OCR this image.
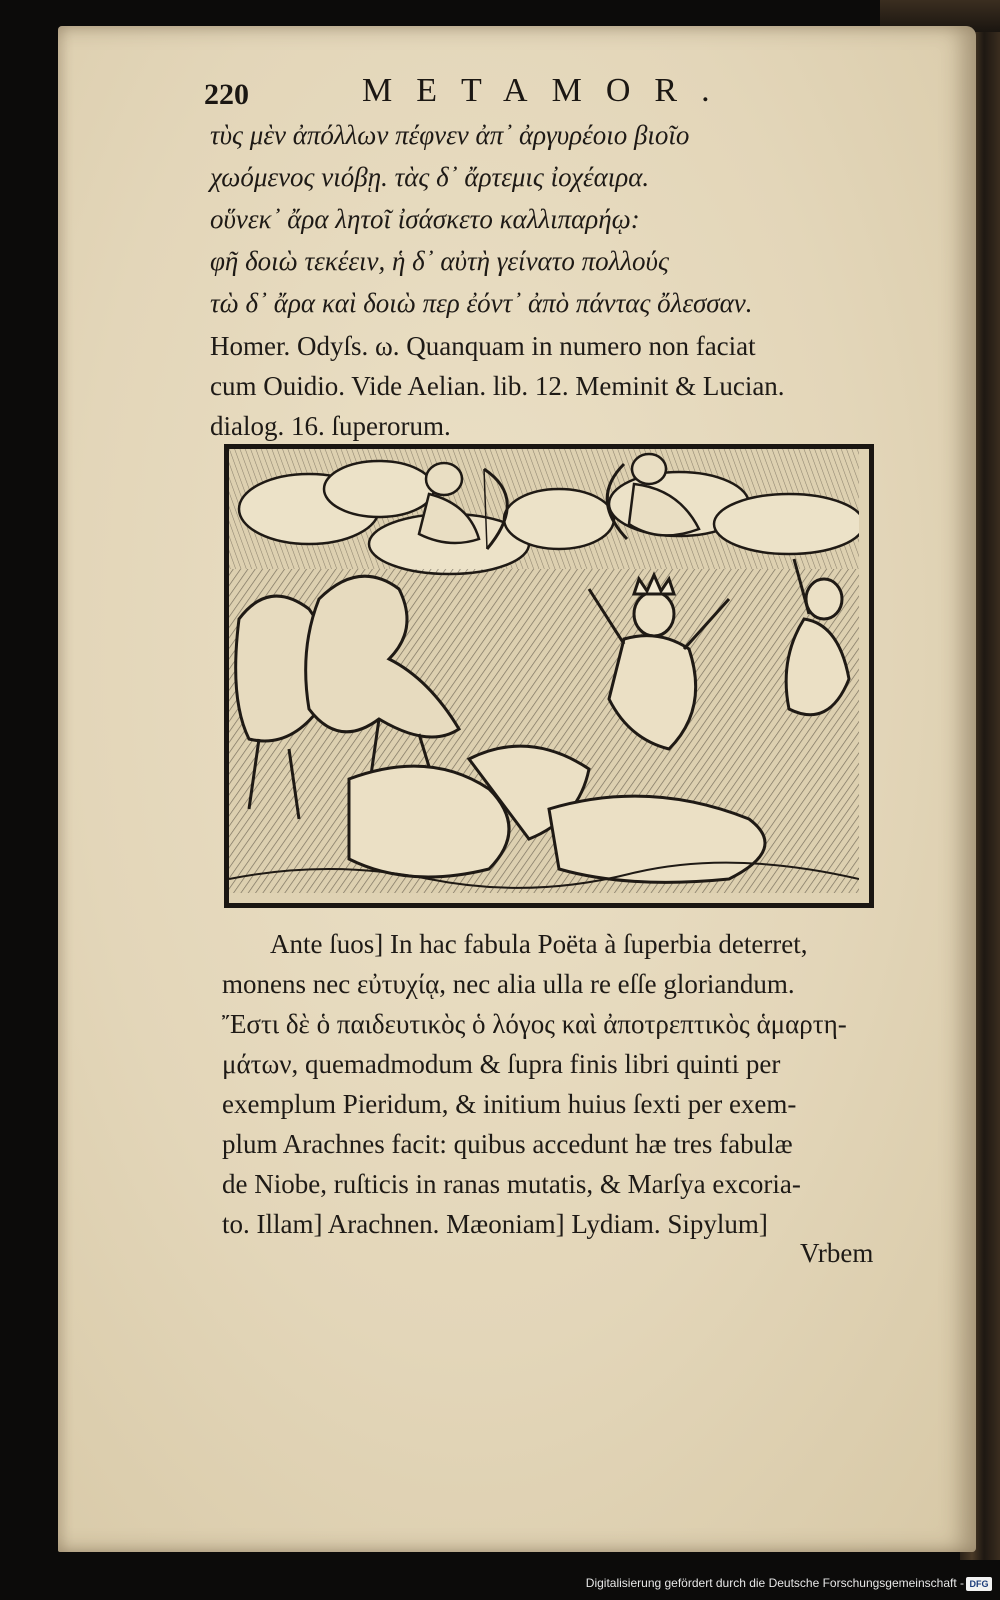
220	METAMOR.
τὺς μὲν ἀπόλλων πέφνεν ἀπ᾽ ἀργυρέοιο βιοῖο
χωόμενος νιόβῃ. τὰς δ᾽ ἄρτεμις ἰοχέαιρα.
οὕνεκ᾽ ἄρα λητοῖ ἰσάσκετο καλλιπαρήῳ:
φῆ δοιὼ τεκέειν, ἡ δ᾽ αὐτὴ γείνατο πολλούς
τὼ δ᾽ ἄρα καὶ δοιὼ περ ἐόντ᾽ ἀπὸ πάντας ὄλεσσαν.
Homer. Odyſs. ω. Quanquam in numero non faciat
cum Ouidio. Vide Aelian. lib. 12. Meminit & Lucian.
dialog. 16. ſuperorum.
Ante ſuos] In hac fabula Poëta à ſuperbia deterret,
monens nec εὐτυχίᾳ, nec alia ulla re eſſe gloriandum.
Ἔστι δὲ ὁ παιδευτικὸς ὁ λόγος καὶ ἀποτρεπτικὸς ἁμαρτη-
μάτων, quemadmodum & ſupra finis libri quinti per
exemplum Pieridum, & initium huius ſexti per exem-
plum Arachnes facit: quibus accedunt hæ tres fabulæ
de Niobe, ruſticis in ranas mutatis, & Marſya excoria-
to. Illam] Arachnen. Mæoniam] Lydiam. Sipylum]
Vrbem
Digitalisierung gefördert durch die Deutsche Forschungsgemeinschaft - DFG
